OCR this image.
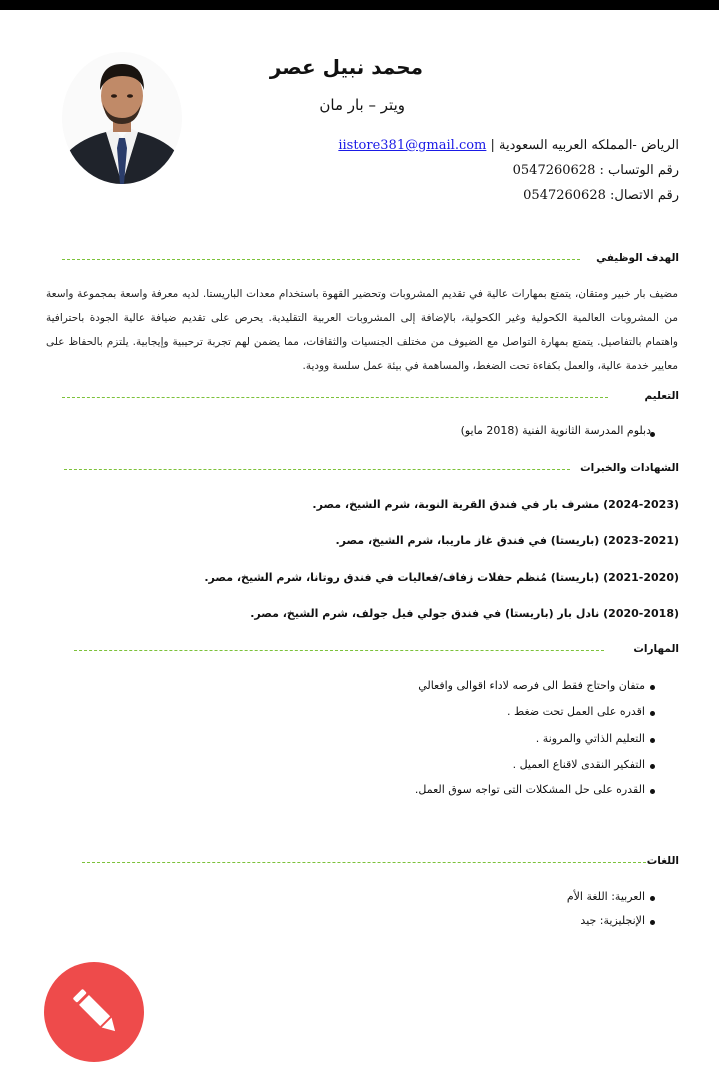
محمد نبيل عصر
ويتر – بار مان
الرياض -المملكه العربيه السعودية | iistore381@gmail.com
رقم الوتساب : 0547260628
رقم الاتصال: 0547260628
الهدف الوظيفي
مضيف بار خبير ومتقان، يتمتع بمهارات عالية في تقديم المشروبات وتحضير القهوة باستخدام معدات الباريستا. لديه معرفة واسعة بمجموعة واسعة من المشروبات العالمية الكحولية وغير الكحولية، بالإضافة إلى المشروبات العربية التقليدية. يحرص على تقديم ضيافة عالية الجودة باحترافية واهتمام بالتفاصيل. يتمتع بمهارة التواصل مع الضيوف من مختلف الجنسيات والثقافات، مما يضمن لهم تجربة ترحيبية وإيجابية. يلتزم بالحفاظ على معايير خدمة عالية، والعمل بكفاءة تحت الضغط، والمساهمة في بيئة عمل سلسة وودية.
التعليم
دبلوم المدرسة الثانوية الفنية (2018 مايو)
الشهادات والخبرات
(2024-2023) مشرف بار في فندق القرية النوبة، شرم الشيخ، مصر.
(2023-2021) (باريستا) في فندق غاز ماريبا، شرم الشيخ، مصر.
(2021-2020) (باريستا) مُنظم حفلات زفاف/فعاليات في فندق روتانا، شرم الشيخ، مصر.
(2020-2018) نادل بار (باريستا) في فندق جولي فيل جولف، شرم الشيخ، مصر.
المهارات
متفان واحتاج فقط الى فرصه لاداء اقوالى وافعالي
اقدره على العمل تحت ضغط .
التعليم الذاتي والمرونة .
التفكير النقدى لاقناع العميل .
القدره على حل المشكلات التى تواجه سوق العمل.
اللغات
العربية: اللغة الأم
الإنجليزية: جيد
